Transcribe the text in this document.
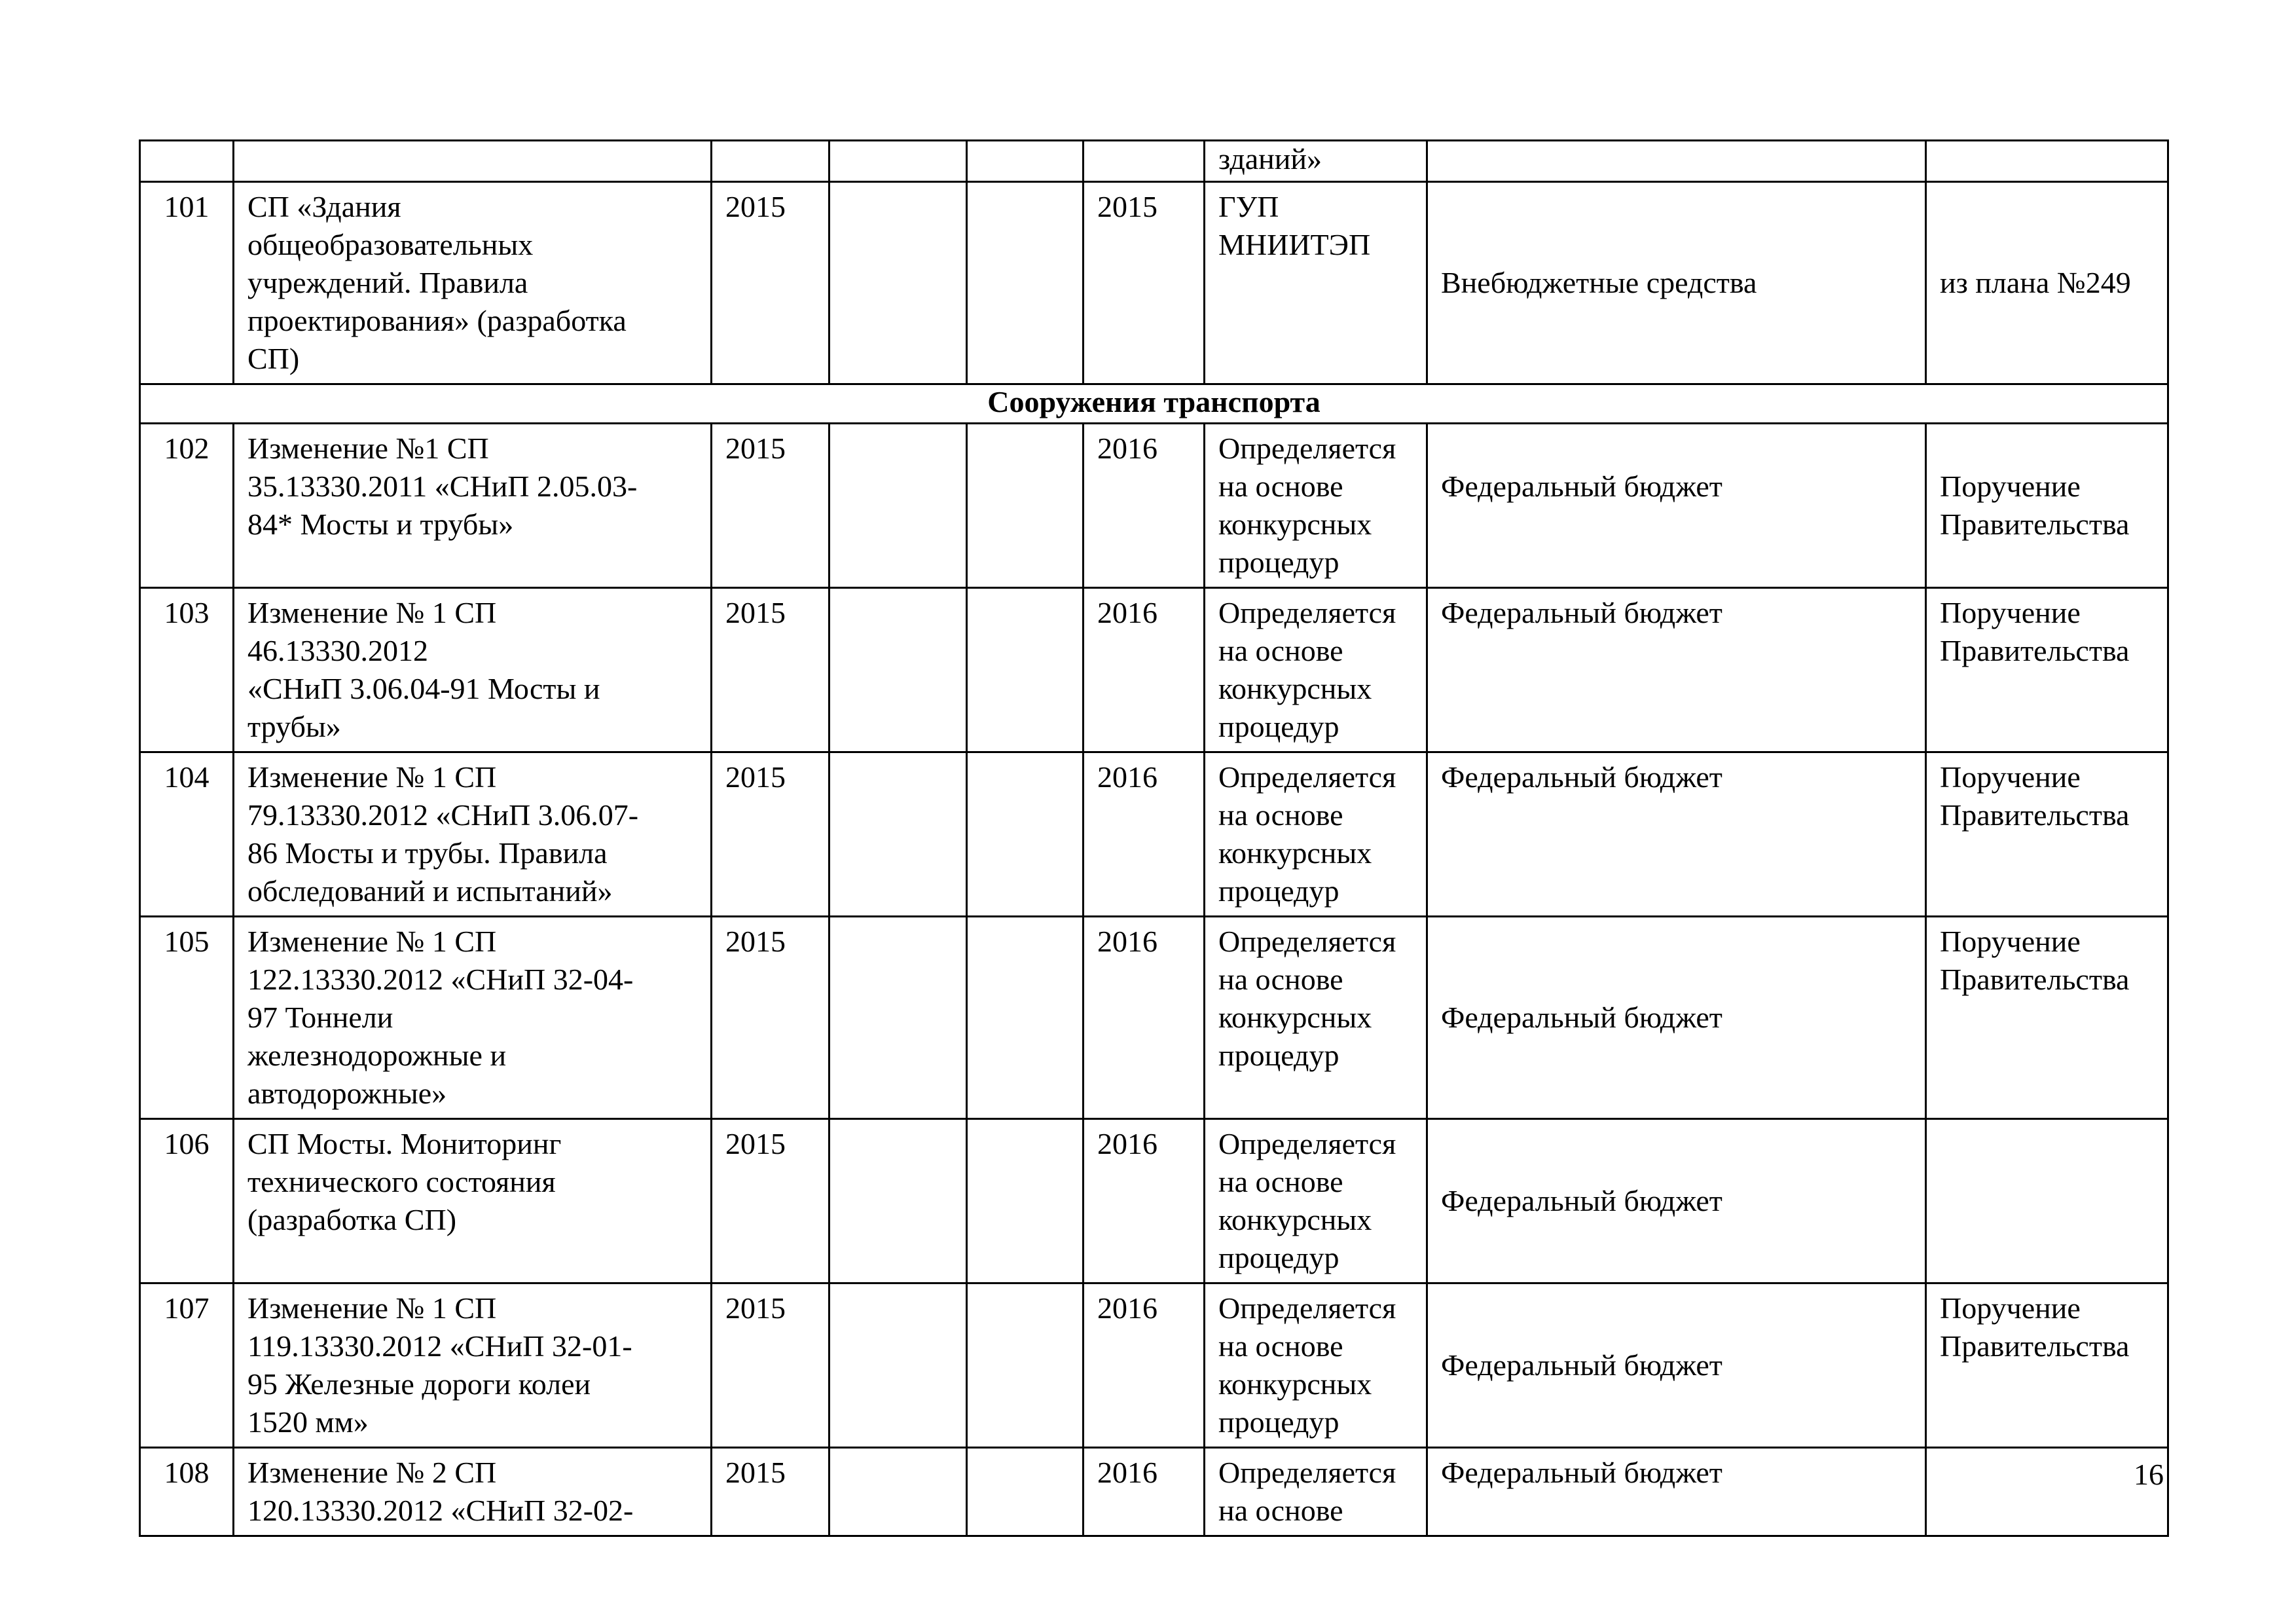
						зданий»		
101	СП «Здания
общеобразовательных
учреждений. Правила
проектирования» (разработка
СП)	2015			2015	ГУП
МНИИТЭП	Внебюджетные средства	из плана №249
Сооружения транспорта								
102	Изменение №1 СП
35.13330.2011 «СНиП 2.05.03-
84* Мосты и трубы»	2015			2016	Определяется
на основе
конкурсных
процедур	Федеральный бюджет	Поручение
Правительства
103	Изменение № 1 СП
46.13330.2012
«СНиП 3.06.04-91 Мосты и
трубы»	2015			2016	Определяется
на основе
конкурсных
процедур	Федеральный бюджет	Поручение
Правительства
104	Изменение № 1 СП
79.13330.2012 «СНиП 3.06.07-
86 Мосты и трубы. Правила
обследований и испытаний»	2015			2016	Определяется
на основе
конкурсных
процедур	Федеральный бюджет	Поручение
Правительства
105	Изменение № 1 СП
122.13330.2012 «СНиП 32-04-
97 Тоннели
железнодорожные и
автодорожные»	2015			2016	Определяется
на основе
конкурсных
процедур	Федеральный бюджет	Поручение
Правительства
106	СП Мосты. Мониторинг
технического состояния
(разработка СП)	2015			2016	Определяется
на основе
конкурсных
процедур	Федеральный бюджет	
107	Изменение № 1 СП
119.13330.2012 «СНиП 32-01-
95 Железные дороги колеи
1520 мм»	2015			2016	Определяется
на основе
конкурсных
процедур	Федеральный бюджет	Поручение
Правительства
108	Изменение № 2 СП
120.13330.2012 «СНиП 32-02-	2015			2016	Определяется
на основе	Федеральный бюджет		16
